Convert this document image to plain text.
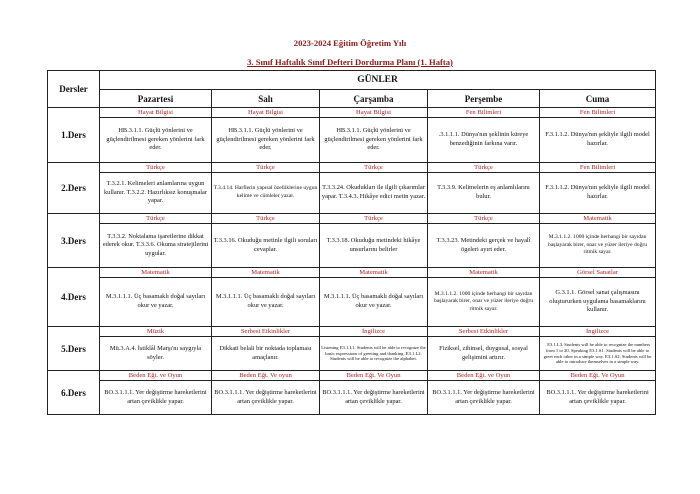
2023-2024 Eğitim Öğretim Yılı
3. Sınıf Haftalık Sınıf Defteri Dordurma Planı (1. Hafta)
Dersler	GÜNLER				
	Pazartesi	Salı	Çarşamba	Perşembe	Cuma
1.Ders	Hayat Bilgisi	Hayat Bilgisi	Hayat Bilgisi	Fen Bilimleri	Fen Bilimleri
	HB.3.1.1. Güçlü yönlerini ve güçlendirilmesi gereken yönlerini fark eder.	HB.3.1.1. Güçlü yönlerini ve güçlendirilmesi gereken yönlerini fark eder.	HB.3.1.1. Güçlü yönlerini ve güçlendirilmesi gereken yönlerini fark eder.	.3.1.1.1. Dünya'nın şeklinin küreye benzediğinin farkına varır.	F.3.1.1.2. Dünya'nın şekliyle ilgili model hazırlar.
2.Ders	Türkçe	Türkçe	Türkçe	Türkçe	Fen Bilimleri
	T.3.2.1. Kelimeleri anlamlarına uygun kullanır. T.3.2.2. Hazırlıksız konuşmalar yapar.	T.3.4.14. Harflerin yapısal özelliklerine uygun kelime ve cümleler yazar.	T.3.3.24. Okudukları ile ilgili çıkarımlar yapar. T.3.4.3. Hikâye edici metin yazar.	T.3.3.9. Kelimelerin eş anlamlılarını bulur.	F.3.1.1.2. Dünya'nın şekliyle ilgili model hazırlar.
3.Ders	Türkçe	Türkçe	Türkçe	Türkçe	Matematik
	T.3.3.2. Noktalama işaretlerine dikkat ederek okur. T.3.3.6. Okuma stratejilerini uygular.	T.3.3.16. Okuduğu metinle ilgili soruları cevaplar.	T.3.3.18. Okuduğu metindeki hikâye unsurlarını belirler	T.3.3.23. Metindeki gerçek ve hayalî ögeleri ayırt eder.	M.3.1.1.2. 1000 içinde herhangi bir sayıdan başlayarak birer, onar ve yüzer ileriye doğru ritmik sayar.
4.Ders	Matematik	Matematik	Matematik	Matematik	Görsel Sanatlar
	M.3.1.1.1. Üç basamaklı doğal sayıları okur ve yazar.	M.3.1.1.1. Üç basamaklı doğal sayıları okur ve yazar.	M.3.1.1.1. Üç basamaklı doğal sayıları okur ve yazar.	M.3.1.1.2. 1000 içinde herhangi bir sayıdan başlayarak birer, onar ve yüzer ileriye doğru ritmik sayar.	G.3.1.1. Görsel sanat çalışmasını oluştururken uygulama basamaklarını kullanır.
5.Ders	Müzik	Serbest Etkinlikler	İngilizce	Serbest Etkinlikler	İngilizce
	Mü.3.A.4. İstiklâl Marşı'nı saygıyla söyler.	Dikkati belali bir noktada toplaması amaçlanır.	Listening E3.1.L1. Students will be able to recognize the basic expressions of greeting and thanking. E3.1.L2. Students will be able to recognize the alphabet.	Fiziksel, zihinsel, duygusal, sosyal gelişimini artırır.	. E3.1.L3. Students will be able to recognize the numbers from 1 to 20. Speaking E3.1.S1. Students will be able to greet each other in a simple way. E3.1.S2. Students will be able to introduce themselves in a simple way.
6.Ders	Beden Eğt. ve Oyun	Beden Eğt. Ve oyun	Beden Eğt. Ve Oyun	Beden Eğt. ve Oyun	Beden Eğt. Ve Oyun
	BO.3.1.1.1. Yer değiştirme hareketlerini artan çeviklikle yapar.	BO.3.1.1.1. Yer değiştirme hareketlerini artan çeviklikle yapar.	BO.3.1.1.1. Yer değiştirme hareketlerini artan çeviklikle yapar.	BO.3.1.1.1. Yer değiştirme hareketlerini artan çeviklikle yapar.	BO.3.1.1.1. Yer değiştirme hareketlerini artan çeviklikle yapar.
